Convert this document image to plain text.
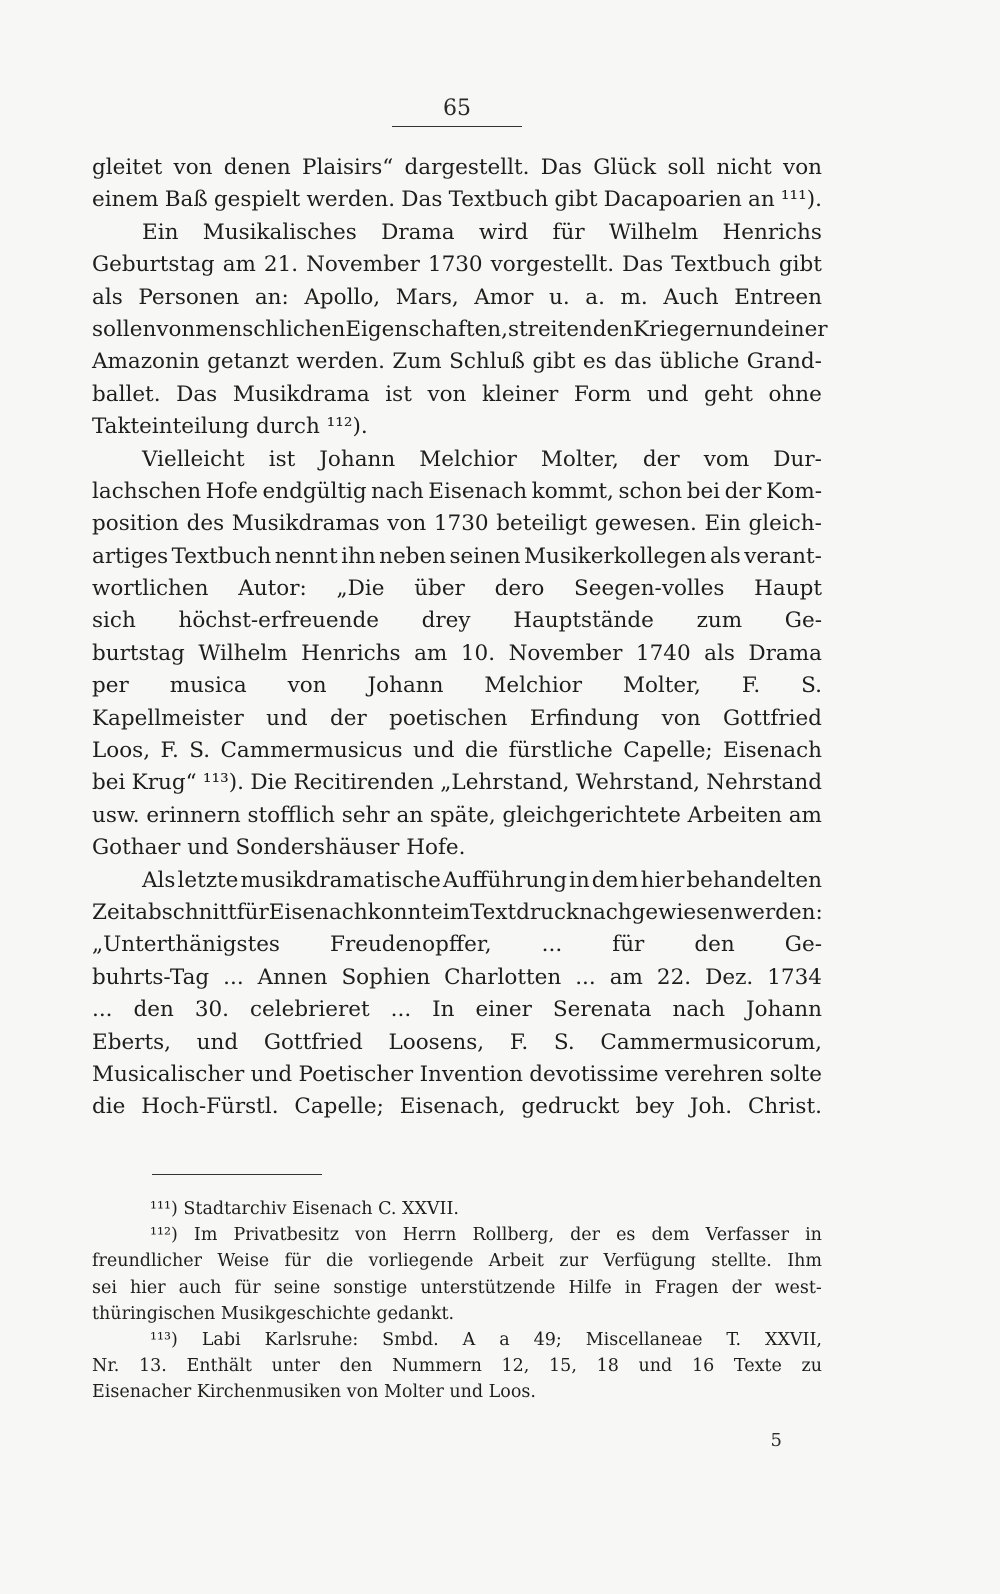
65
gleitet von denen Plaisirs“ dargestellt. Das Glück soll nicht von
einem Baß gespielt werden. Das Textbuch gibt Dacapoarien an ¹¹¹).
Ein Musikalisches Drama wird für Wilhelm Henrichs
Geburtstag am 21. November 1730 vorgestellt. Das Textbuch gibt
als Personen an: Apollo, Mars, Amor u. a. m. Auch Entreen
sollen von menschlichen Eigenschaften, streitenden Kriegern und einer
Amazonin getanzt werden. Zum Schluß gibt es das übliche Grand-
ballet. Das Musikdrama ist von kleiner Form und geht ohne
Takteinteilung durch ¹¹²).
Vielleicht ist Johann Melchior Molter, der vom Dur-
lachschen Hofe endgültig nach Eisenach kommt, schon bei der Kom-
position des Musikdramas von 1730 beteiligt gewesen. Ein gleich-
artiges Textbuch nennt ihn neben seinen Musikerkollegen als verant-
wortlichen Autor: „Die über dero Seegen-volles Haupt
sich höchst-erfreuende drey Hauptstände zum Ge-
burtstag Wilhelm Henrichs am 10. November 1740 als Drama
per musica von Johann Melchior Molter, F. S.
Kapellmeister und der poetischen Erfindung von Gottfried
Loos, F. S. Cammermusicus und die fürstliche Capelle; Eisenach
bei Krug“ ¹¹³). Die Recitirenden „Lehrstand, Wehrstand, Nehrstand
usw. erinnern stofflich sehr an späte, gleichgerichtete Arbeiten am
Gothaer und Sondershäuser Hofe.
Als letzte musikdramatische Aufführung in dem hier behandelten
Zeitabschnitt für Eisenach konnte im Textdruck nachgewiesen werden:
„Unterthänigstes Freudenopffer, ... für den Ge-
buhrts-Tag ... Annen Sophien Charlotten ... am 22. Dez. 1734
... den 30. celebrieret ... In einer Serenata nach Johann
Eberts, und Gottfried Loosens, F. S. Cammermusicorum,
Musicalischer und Poetischer Invention devotissime verehren solte
die Hoch-Fürstl. Capelle; Eisenach, gedruckt bey Joh. Christ.
¹¹¹) Stadtarchiv Eisenach C. XXVII.
¹¹²) Im Privatbesitz von Herrn Rollberg, der es dem Verfasser in
freundlicher Weise für die vorliegende Arbeit zur Verfügung stellte. Ihm
sei hier auch für seine sonstige unterstützende Hilfe in Fragen der west-
thüringischen Musikgeschichte gedankt.
¹¹³) Labi Karlsruhe: Smbd. A a 49; Miscellaneae T. XXVII,
Nr. 13. Enthält unter den Nummern 12, 15, 18 und 16 Texte zu
Eisenacher Kirchenmusiken von Molter und Loos.
5
